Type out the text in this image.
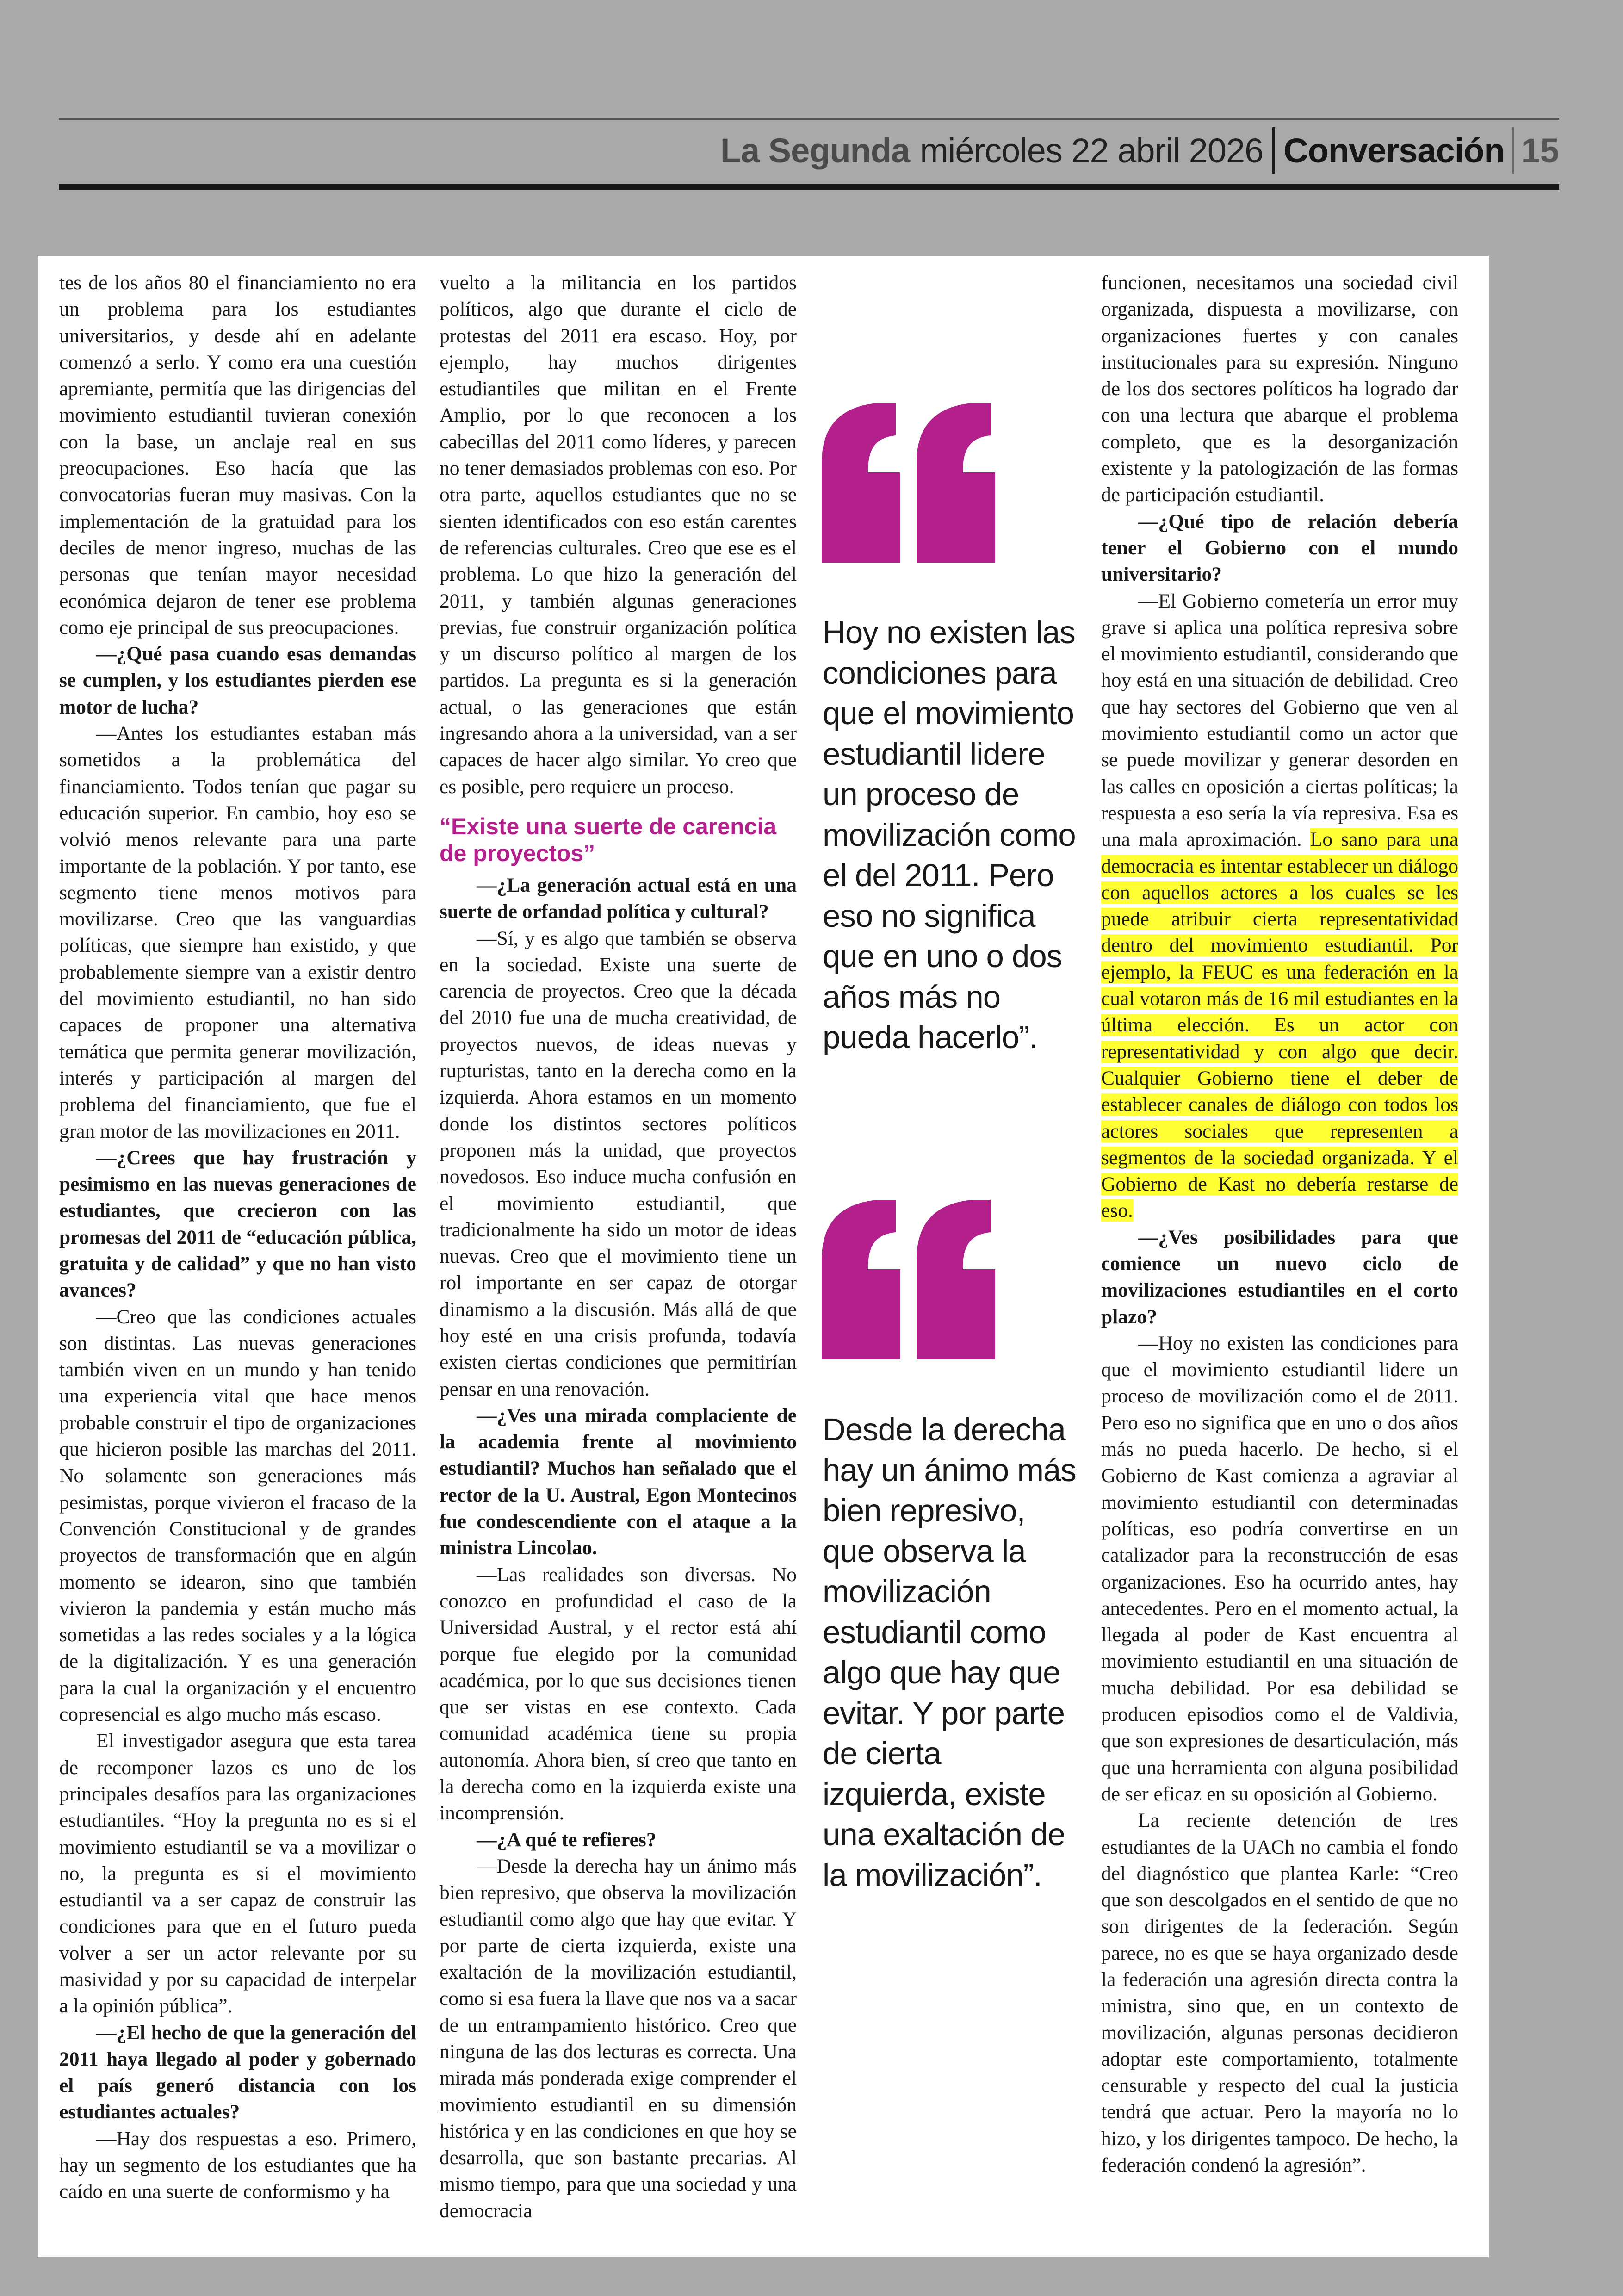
La Segunda miércoles 22 abril 2026 Conversación 15

tes de los años 80 el financiamiento no era un problema para los estudiantes universitarios, y desde ahí en adelante comenzó a serlo. Y como era una cuestión apremiante, permitía que las dirigencias del movimiento estudiantil tuvieran conexión con la base, un anclaje real en sus preocupaciones. Eso hacía que las convocatorias fueran muy masivas. Con la implementación de la gratuidad para los deciles de menor ingreso, muchas de las personas que tenían mayor necesidad económica dejaron de tener ese problema como eje principal de sus preocupaciones.

—¿Qué pasa cuando esas demandas se cumplen, y los estudiantes pierden ese motor de lucha?

—Antes los estudiantes estaban más sometidos a la problemática del financiamiento. Todos tenían que pagar su educación superior. En cambio, hoy eso se volvió menos relevante para una parte importante de la población. Y por tanto, ese segmento tiene menos motivos para movilizarse. Creo que las vanguardias políticas, que siempre han existido, y que probablemente siempre van a existir dentro del movimiento estudiantil, no han sido capaces de proponer una alternativa temática que permita generar movilización, interés y participación al margen del problema del financiamiento, que fue el gran motor de las movilizaciones en 2011.

—¿Crees que hay frustración y pesimismo en las nuevas generaciones de estudiantes, que crecieron con las promesas del 2011 de “educación pública, gratuita y de calidad” y que no han visto avances?

—Creo que las condiciones actuales son distintas. Las nuevas generaciones también viven en un mundo y han tenido una experiencia vital que hace menos probable construir el tipo de organizaciones que hicieron posible las marchas del 2011. No solamente son generaciones más pesimistas, porque vivieron el fracaso de la Convención Constitucional y de grandes proyectos de transformación que en algún momento se idearon, sino que también vivieron la pandemia y están mucho más sometidas a las redes sociales y a la lógica de la digitalización. Y es una generación para la cual la organización y el encuentro copresencial es algo mucho más escaso.

El investigador asegura que esta tarea de recomponer lazos es uno de los principales desafíos para las organizaciones estudiantiles. “Hoy la pregunta no es si el movimiento estudiantil se va a movilizar o no, la pregunta es si el movimiento estudiantil va a ser capaz de construir las condiciones para que en el futuro pueda volver a ser un actor relevante por su masividad y por su capacidad de interpelar a la opinión pública”.

—¿El hecho de que la generación del 2011 haya llegado al poder y gobernado el país generó distancia con los estudiantes actuales?

—Hay dos respuestas a eso. Primero, hay un segmento de los estudiantes que ha caído en una suerte de conformismo y ha

vuelto a la militancia en los partidos políticos, algo que durante el ciclo de protestas del 2011 era escaso. Hoy, por ejemplo, hay muchos dirigentes estudiantiles que militan en el Frente Amplio, por lo que reconocen a los cabecillas del 2011 como líderes, y parecen no tener demasiados problemas con eso. Por otra parte, aquellos estudiantes que no se sienten identificados con eso están carentes de referencias culturales. Creo que ese es el problema. Lo que hizo la generación del 2011, y también algunas generaciones previas, fue construir organización política y un discurso político al margen de los partidos. La pregunta es si la generación actual, o las generaciones que están ingresando ahora a la universidad, van a ser capaces de hacer algo similar. Yo creo que es posible, pero requiere un proceso.

“Existe una suerte de carencia de proyectos”

—¿La generación actual está en una suerte de orfandad política y cultural?

—Sí, y es algo que también se observa en la sociedad. Existe una suerte de carencia de proyectos. Creo que la década del 2010 fue una de mucha creatividad, de proyectos nuevos, de ideas nuevas y rupturistas, tanto en la derecha como en la izquierda. Ahora estamos en un momento donde los distintos sectores políticos proponen más la unidad, que proyectos novedosos. Eso induce mucha confusión en el movimiento estudiantil, que tradicionalmente ha sido un motor de ideas nuevas. Creo que el movimiento tiene un rol importante en ser capaz de otorgar dinamismo a la discusión. Más allá de que hoy esté en una crisis profunda, todavía existen ciertas condiciones que permitirían pensar en una renovación.

—¿Ves una mirada complaciente de la academia frente al movimiento estudiantil? Muchos han señalado que el rector de la U. Austral, Egon Montecinos fue condescendiente con el ataque a la ministra Lincolao.

—Las realidades son diversas. No conozco en profundidad el caso de la Universidad Austral, y el rector está ahí porque fue elegido por la comunidad académica, por lo que sus decisiones tienen que ser vistas en ese contexto. Cada comunidad académica tiene su propia autonomía. Ahora bien, sí creo que tanto en la derecha como en la izquierda existe una incomprensión.

—¿A qué te refieres?

—Desde la derecha hay un ánimo más bien represivo, que observa la movilización estudiantil como algo que hay que evitar. Y por parte de cierta izquierda, existe una exaltación de la movilización estudiantil, como si esa fuera la llave que nos va a sacar de un entrampamiento histórico. Creo que ninguna de las dos lecturas es correcta. Una mirada más ponderada exige comprender el movimiento estudiantil en su dimensión histórica y en las condiciones en que hoy se desarrolla, que son bastante precarias. Al mismo tiempo, para que una sociedad y una democracia

Hoy no existen las condiciones para que el movimiento estudiantil lidere un proceso de movilización como el del 2011. Pero eso no significa que en uno o dos años más no pueda hacerlo”.
Desde la derecha hay un ánimo más bien represivo, que observa la movilización estudiantil como algo que hay que evitar. Y por parte de cierta izquierda, existe una exaltación de la movilización”.

funcionen, necesitamos una sociedad civil organizada, dispuesta a movilizarse, con organizaciones fuertes y con canales institucionales para su expresión. Ninguno de los dos sectores políticos ha logrado dar con una lectura que abarque el problema completo, que es la desorganización existente y la patologización de las formas de participación estudiantil.

—¿Qué tipo de relación debería tener el Gobierno con el mundo universitario?

—El Gobierno cometería un error muy grave si aplica una política represiva sobre el movimiento estudiantil, considerando que hoy está en una situación de debilidad. Creo que hay sectores del Gobierno que ven al movimiento estudiantil como un actor que se puede movilizar y generar desorden en las calles en oposición a ciertas políticas; la respuesta a eso sería la vía represiva. Esa es una mala aproximación. Lo sano para una democracia es intentar establecer un diálogo con aquellos actores a los cuales se les puede atribuir cierta representatividad dentro del movimiento estudiantil. Por ejemplo, la FEUC es una federación en la cual votaron más de 16 mil estudiantes en la última elección. Es un actor con representatividad y con algo que decir. Cualquier Gobierno tiene el deber de establecer canales de diálogo con todos los actores sociales que representen a segmentos de la sociedad organizada. Y el Gobierno de Kast no debería restarse de eso.

—¿Ves posibilidades para que comience un nuevo ciclo de movilizaciones estudiantiles en el corto plazo?

—Hoy no existen las condiciones para que el movimiento estudiantil lidere un proceso de movilización como el de 2011. Pero eso no significa que en uno o dos años más no pueda hacerlo. De hecho, si el Gobierno de Kast comienza a agraviar al movimiento estudiantil con determinadas políticas, eso podría convertirse en un catalizador para la reconstrucción de esas organizaciones. Eso ha ocurrido antes, hay antecedentes. Pero en el momento actual, la llegada al poder de Kast encuentra al movimiento estudiantil en una situación de mucha debilidad. Por esa debilidad se producen episodios como el de Valdivia, que son expresiones de desarticulación, más que una herramienta con alguna posibilidad de ser eficaz en su oposición al Gobierno.

La reciente detención de tres estudiantes de la UACh no cambia el fondo del diagnóstico que plantea Karle: “Creo que son descolgados en el sentido de que no son dirigentes de la federación. Según parece, no es que se haya organizado desde la federación una agresión directa contra la ministra, sino que, en un contexto de movilización, algunas personas decidieron adoptar este comportamiento, totalmente censurable y respecto del cual la justicia tendrá que actuar. Pero la mayoría no lo hizo, y los dirigentes tampoco. De hecho, la federación condenó la agresión”.
